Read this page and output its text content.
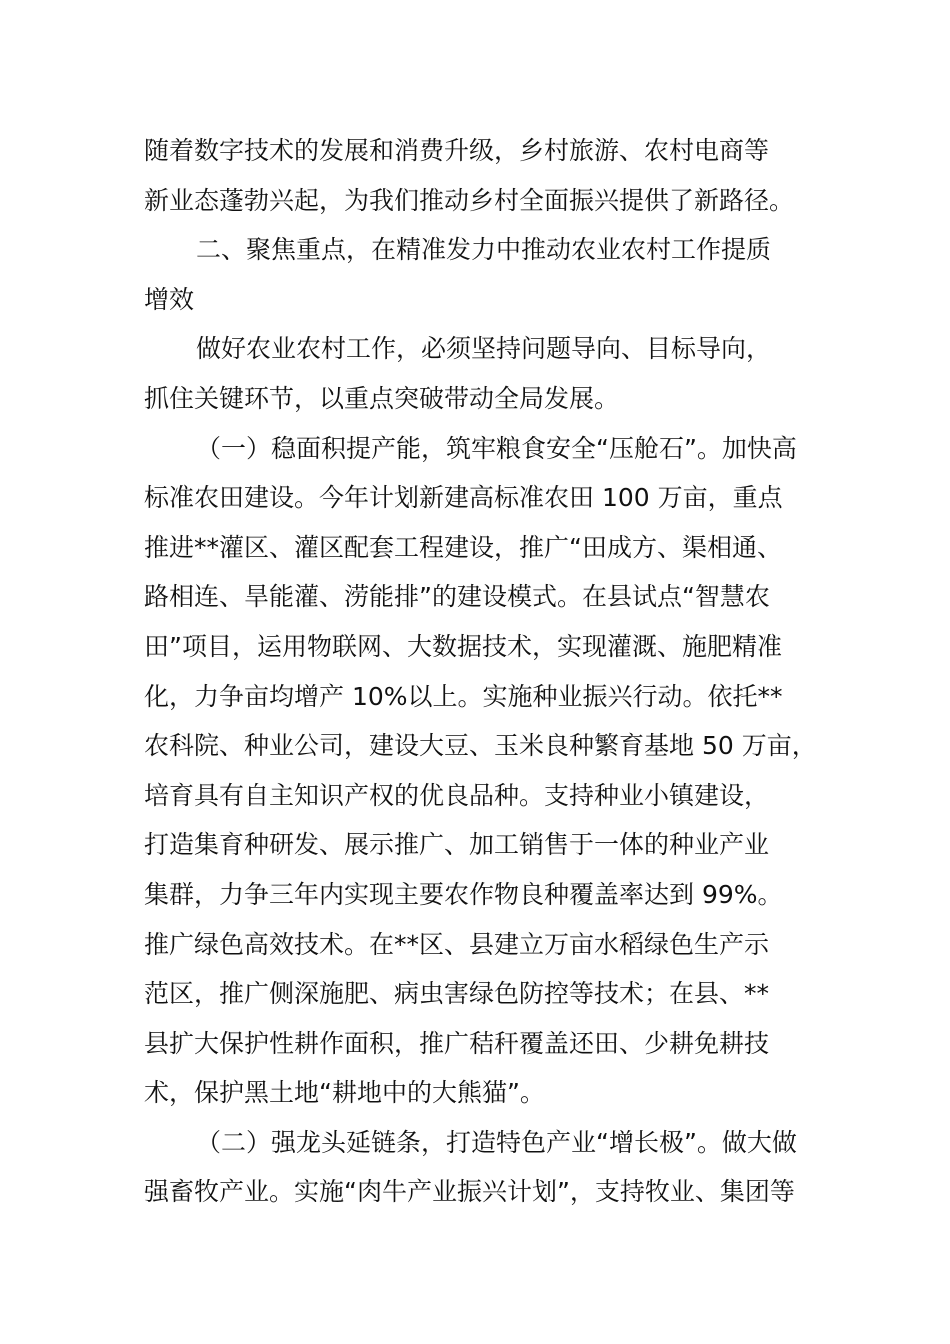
随着数字技术的发展和消费升级，乡村旅游、农村电商等
新业态蓬勃兴起，为我们推动乡村全面振兴提供了新路径。
二、聚焦重点，在精准发力中推动农业农村工作提质
增效
做好农业农村工作，必须坚持问题导向、目标导向，
抓住关键环节，以重点突破带动全局发展。
（一）稳面积提产能，筑牢粮食安全“压舱石”。加快高
标准农田建设。今年计划新建高标准农田 100 万亩，重点
推进**灌区、灌区配套工程建设，推广“田成方、渠相通、
路相连、旱能灌、涝能排”的建设模式。在县试点“智慧农
田”项目，运用物联网、大数据技术，实现灌溉、施肥精准
化，力争亩均增产 10%以上。实施种业振兴行动。依托**
农科院、种业公司，建设大豆、玉米良种繁育基地 50 万亩，
培育具有自主知识产权的优良品种。支持种业小镇建设，
打造集育种研发、展示推广、加工销售于一体的种业产业
集群，力争三年内实现主要农作物良种覆盖率达到 99%。
推广绿色高效技术。在**区、县建立万亩水稻绿色生产示
范区，推广侧深施肥、病虫害绿色防控等技术；在县、**
县扩大保护性耕作面积，推广秸秆覆盖还田、少耕免耕技
术，保护黑土地“耕地中的大熊猫”。
（二）强龙头延链条，打造特色产业“增长极”。做大做
强畜牧产业。实施“肉牛产业振兴计划”，支持牧业、集团等
